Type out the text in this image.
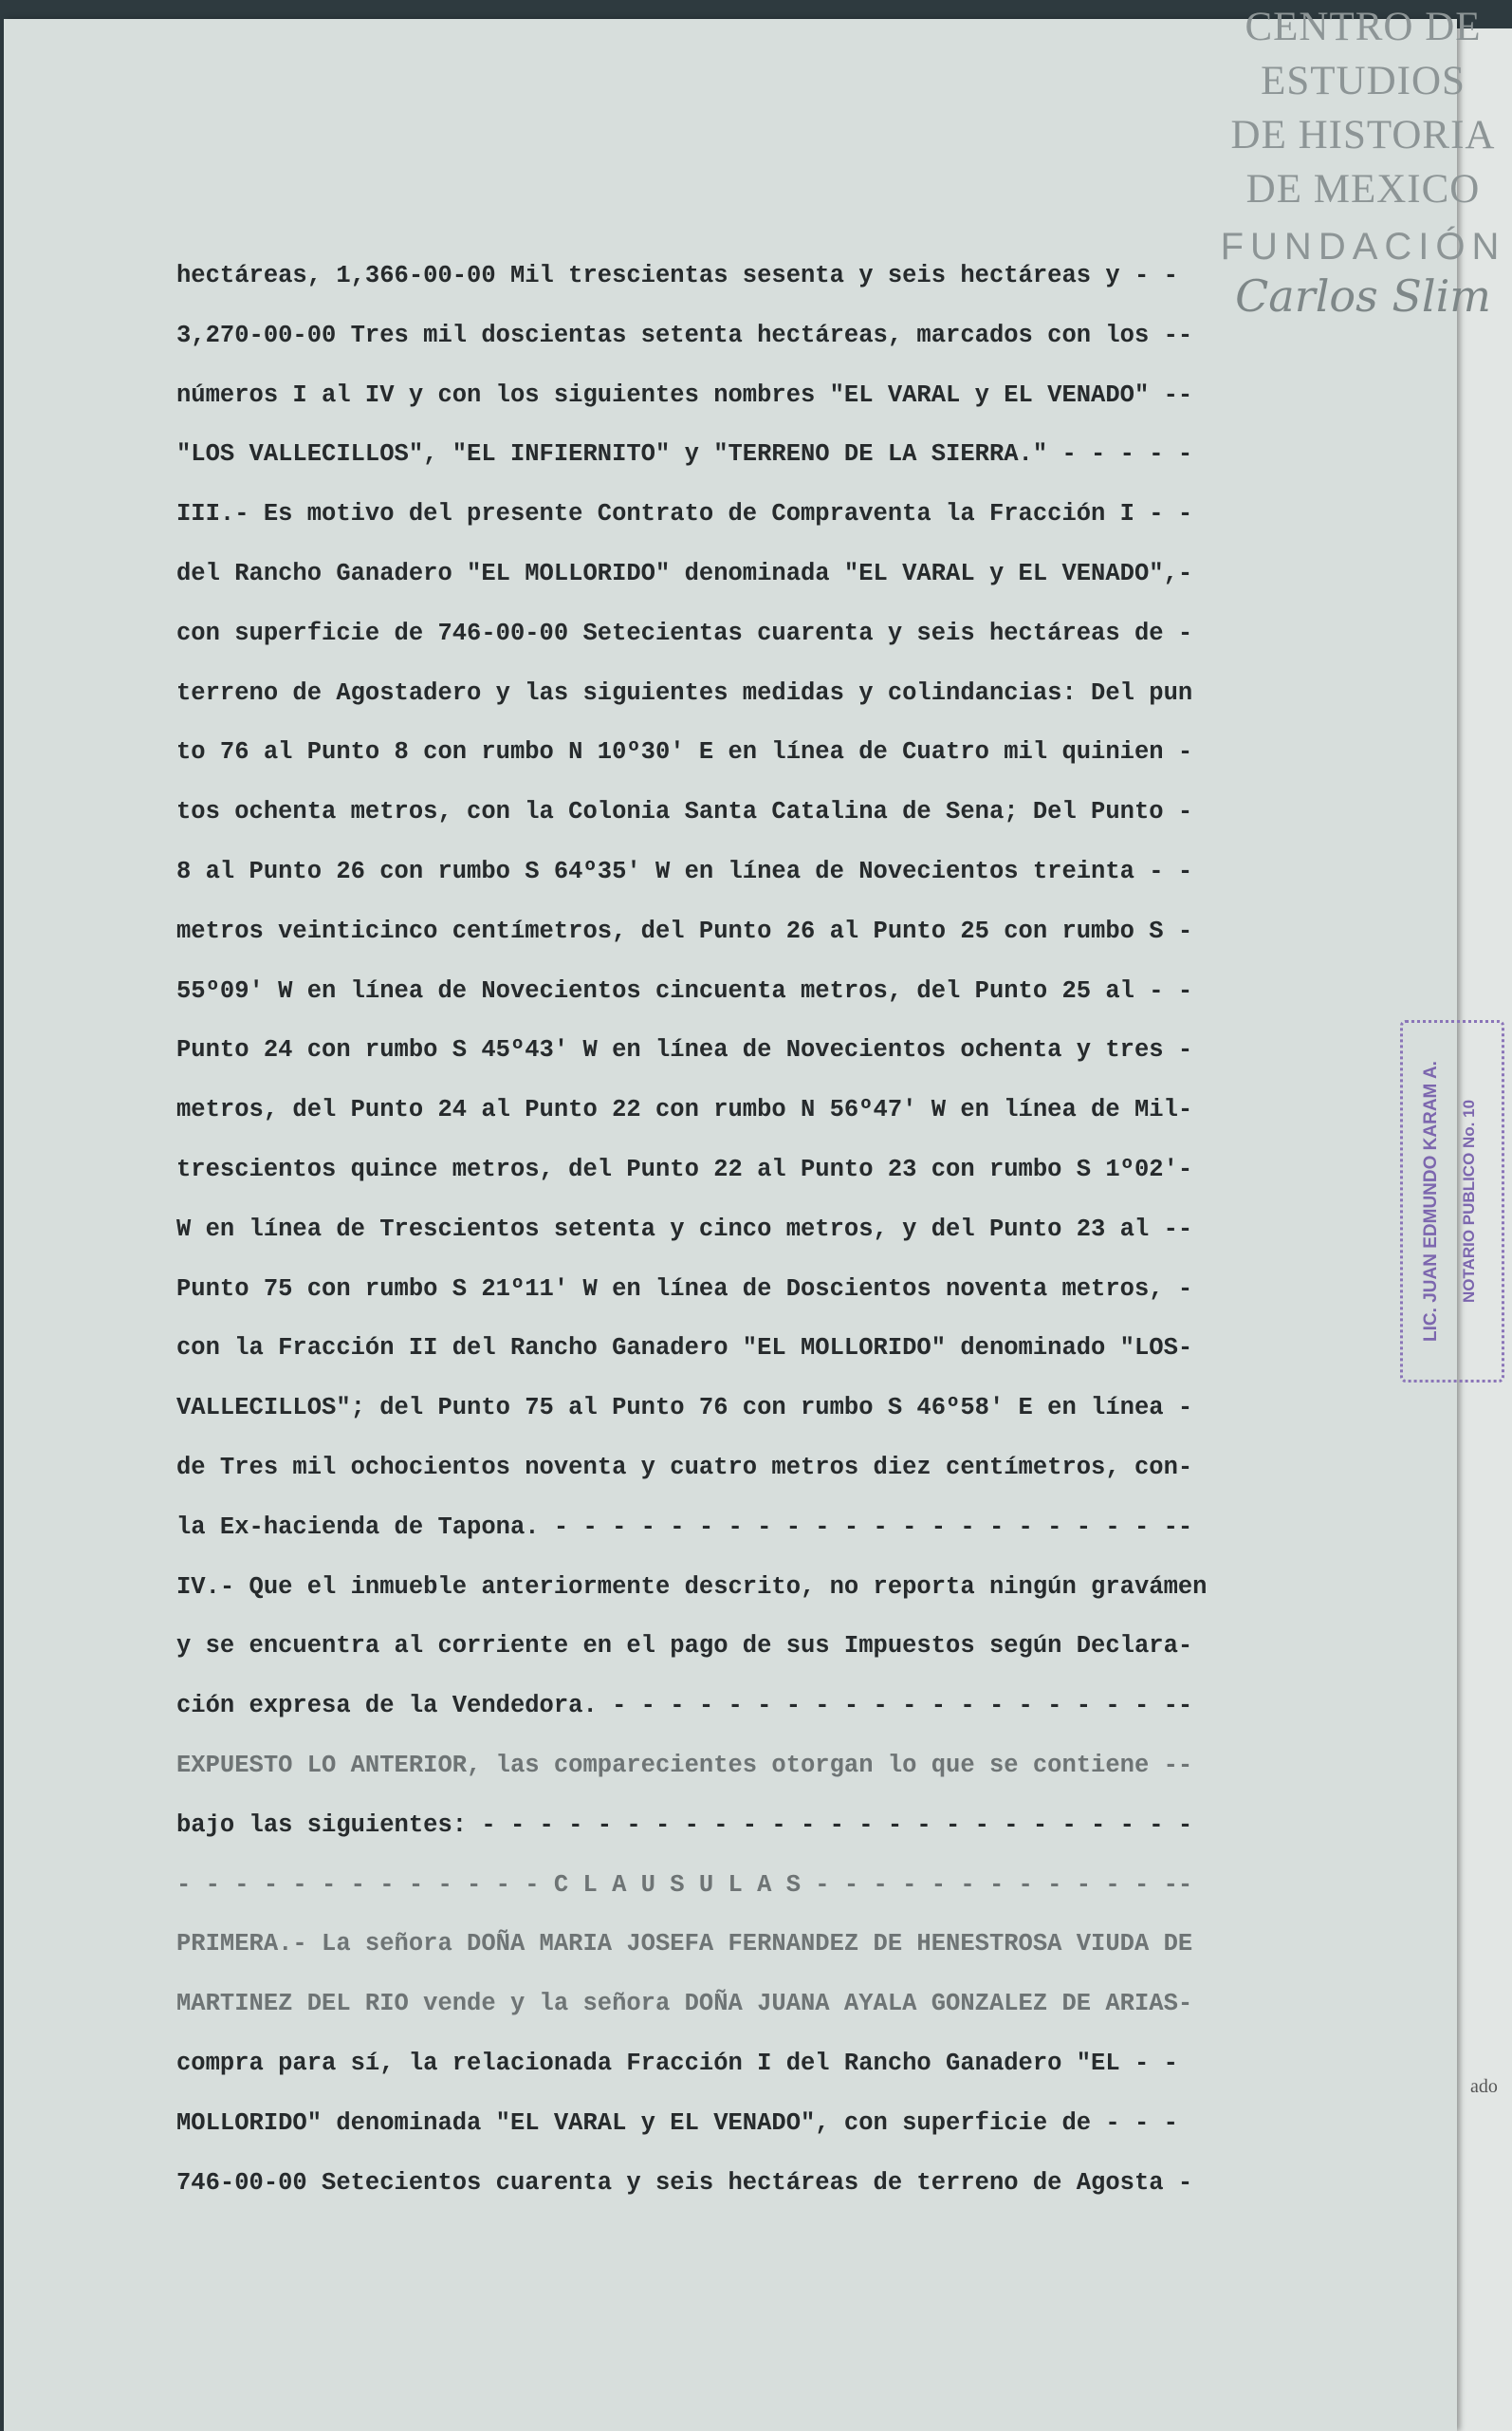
CENTRO DE
ESTUDIOS
DE HISTORIA
DE MEXICO
FUNDACIÓN
Carlos Slim
hectáreas, 1,366-00-00 Mil trescientas sesenta y seis hectáreas y - -
3,270-00-00 Tres mil doscientas setenta hectáreas, marcados con los --
números I al IV y con los siguientes nombres "EL VARAL y EL VENADO" --
"LOS VALLECILLOS", "EL INFIERNITO" y "TERRENO DE LA SIERRA." - - - - -
III.- Es motivo del presente Contrato de Compraventa la Fracción I - -
del Rancho Ganadero "EL MOLLORIDO" denominada "EL VARAL y EL VENADO",-
con superficie de 746-00-00 Setecientas cuarenta y seis hectáreas de -
terreno de Agostadero y las siguientes medidas y colindancias: Del pun
to 76 al Punto 8 con rumbo N 10º30' E en línea de Cuatro mil quinien -
tos ochenta metros, con la Colonia Santa Catalina de Sena; Del Punto -
8 al Punto 26 con rumbo S 64º35' W en línea de Novecientos treinta - -
metros veinticinco centímetros, del Punto 26 al Punto 25 con rumbo S -
55º09' W en línea de Novecientos cincuenta metros, del Punto 25 al - -
Punto 24 con rumbo S 45º43' W en línea de Novecientos ochenta y tres -
metros, del Punto 24 al Punto 22 con rumbo N 56º47' W en línea de Mil-
trescientos quince metros, del Punto 22 al Punto 23 con rumbo S 1º02'-
W en línea de Trescientos setenta y cinco metros, y del Punto 23 al --
Punto 75 con rumbo S 21º11' W en línea de Doscientos noventa metros, -
con la Fracción II del Rancho Ganadero "EL MOLLORIDO" denominado "LOS-
VALLECILLOS"; del Punto 75 al Punto 76 con rumbo S 46º58' E en línea -
de Tres mil ochocientos noventa y cuatro metros diez centímetros, con-
la Ex-hacienda de Tapona. - - - - - - - - - - - - - - - - - - - - - --
IV.- Que el inmueble anteriormente descrito, no reporta ningún gravámen
y se encuentra al corriente en el pago de sus Impuestos según Declara-
ción expresa de la Vendedora. - - - - - - - - - - - - - - - - - - - --
EXPUESTO LO ANTERIOR, las comparecientes otorgan lo que se contiene --
bajo las siguientes: - - - - - - - - - - - - - - - - - - - - - - - - -
- - - - - - - - - - - - - C L A U S U L A S - - - - - - - - - - - - --
PRIMERA.- La señora DOÑA MARIA JOSEFA FERNANDEZ DE HENESTROSA VIUDA DE
MARTINEZ DEL RIO vende y la señora DOÑA JUANA AYALA GONZALEZ DE ARIAS-
compra para sí, la relacionada Fracción I del Rancho Ganadero "EL - -
MOLLORIDO" denominada "EL VARAL y EL VENADO", con superficie de - - -
746-00-00 Setecientos cuarenta y seis hectáreas de terreno de Agosta -
LIC. JUAN EDMUNDO KARAM A. NOTARIO PUBLICO No. 10
ado
